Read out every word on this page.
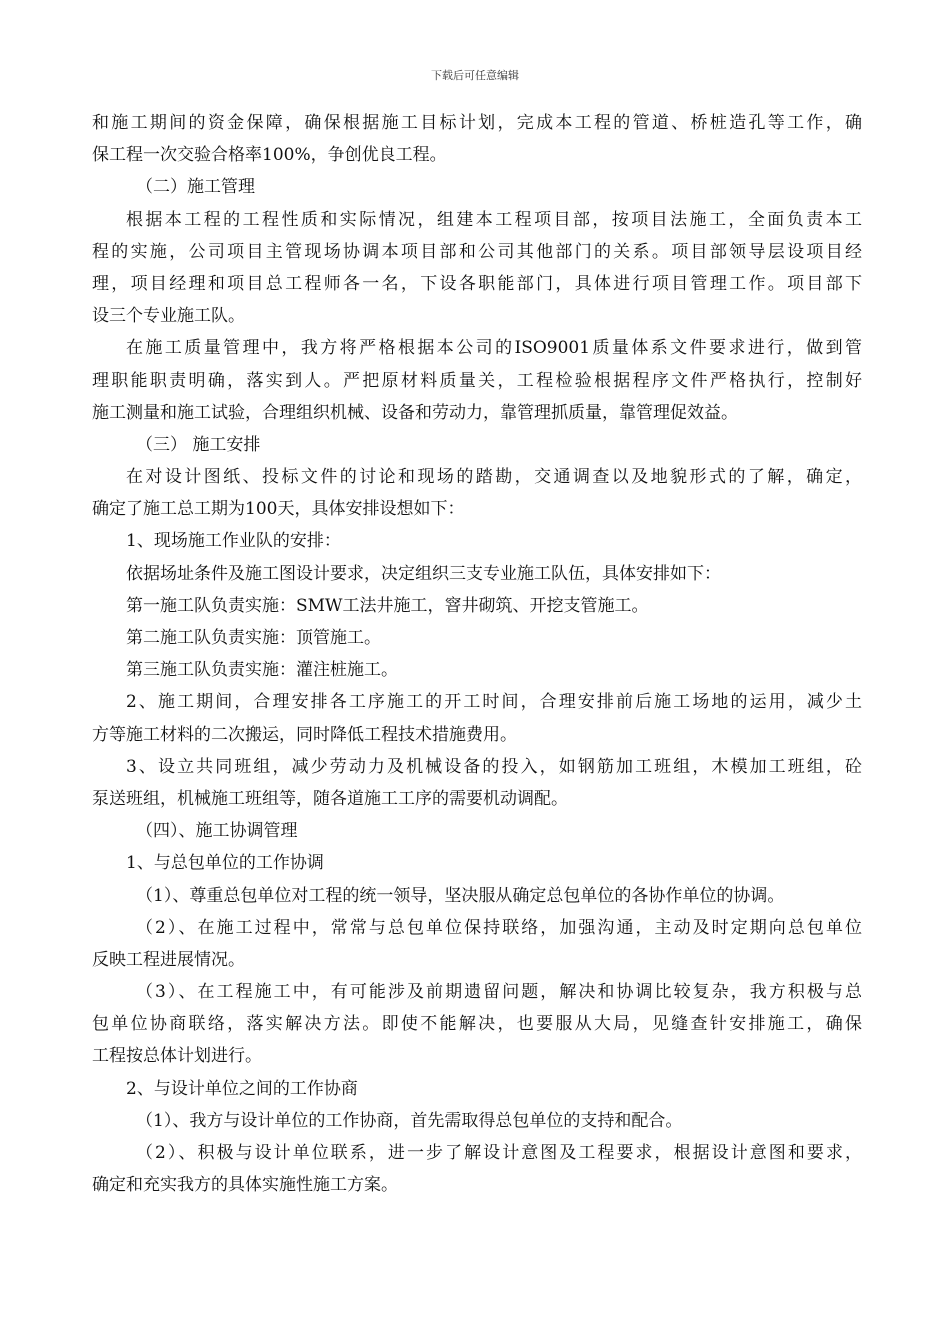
下载后可任意编辑
和施工期间的资金保障，确保根据施工目标计划，完成本工程的管道、桥桩造孔等工作，确
保工程一次交验合格率100%，争创优良工程。
（二）施工管理
根据本工程的工程性质和实际情况，组建本工程项目部，按项目法施工，全面负责本工
程的实施，公司项目主管现场协调本项目部和公司其他部门的关系。项目部领导层设项目经
理，项目经理和项目总工程师各一名，下设各职能部门，具体进行项目管理工作。项目部下
设三个专业施工队。
在施工质量管理中，我方将严格根据本公司的ISO9001质量体系文件要求进行，做到管
理职能职责明确，落实到人。严把原材料质量关，工程检验根据程序文件严格执行，控制好
施工测量和施工试验，合理组织机械、设备和劳动力，靠管理抓质量，靠管理促效益。
（三） 施工安排
在对设计图纸、投标文件的讨论和现场的踏勘，交通调查以及地貌形式的了解，确定，
确定了施工总工期为100天，具体安排设想如下：
1、现场施工作业队的安排：
依据场址条件及施工图设计要求，决定组织三支专业施工队伍，具体安排如下：
第一施工队负责实施：SMW工法井施工，窨井砌筑、开挖支管施工。
第二施工队负责实施：顶管施工。
第三施工队负责实施：灌注桩施工。
2、施工期间，合理安排各工序施工的开工时间，合理安排前后施工场地的运用，减少土
方等施工材料的二次搬运，同时降低工程技术措施费用。
3、设立共同班组，减少劳动力及机械设备的投入，如钢筋加工班组，木模加工班组，砼
泵送班组，机械施工班组等，随各道施工工序的需要机动调配。
（四）、施工协调管理
1、与总包单位的工作协调
（1）、尊重总包单位对工程的统一领导，坚决服从确定总包单位的各协作单位的协调。
（2）、在施工过程中，常常与总包单位保持联络，加强沟通，主动及时定期向总包单位
反映工程进展情况。
（3）、在工程施工中，有可能涉及前期遗留问题，解决和协调比较复杂，我方积极与总
包单位协商联络，落实解决方法。即使不能解决，也要服从大局，见缝查针安排施工，确保
工程按总体计划进行。
2、与设计单位之间的工作协商
（1）、我方与设计单位的工作协商，首先需取得总包单位的支持和配合。
（2）、积极与设计单位联系，进一步了解设计意图及工程要求，根据设计意图和要求，
确定和充实我方的具体实施性施工方案。
